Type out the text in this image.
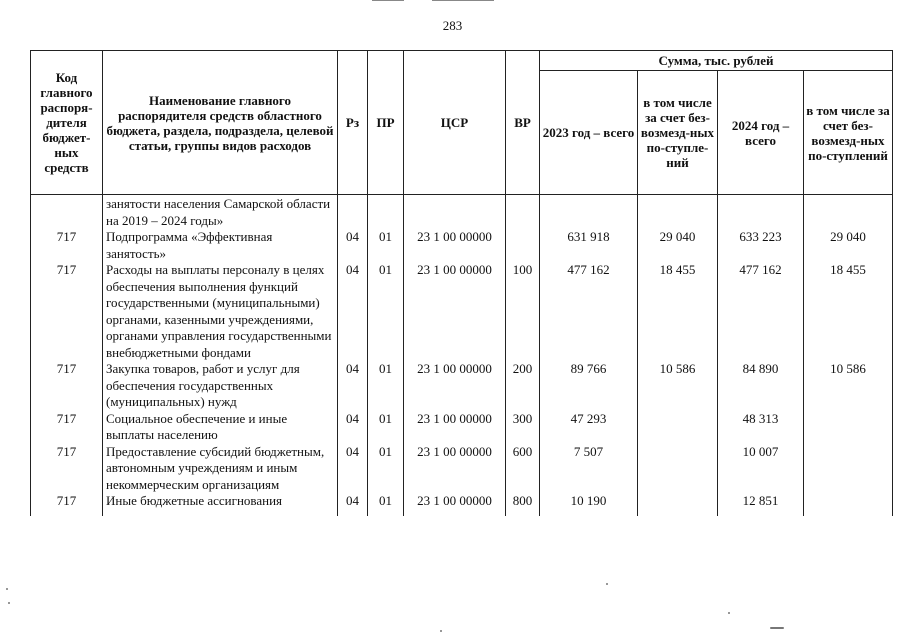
283
Код главного распоря-дителя бюджет-ных средств	Наименование главного распорядителя средств областного бюджета, раздела, подраздела, целевой статьи, группы видов расходов	Рз	ПР	ЦСР	ВР	Сумма, тыс. рублей			
						2023 год – всего	в том числе за счет без-возмезд-ных по-ступле-ний	2024 год – всего	в том числе за счет без-возмезд-ных по-ступлений
	занятости населения Самарской области на 2019 – 2024 годы»								
717	Подпрограмма «Эффективная занятость»	04	01	23 1 00 00000		631 918	29 040	633 223	29 040
717	Расходы на выплаты персоналу в целях обеспечения выполнения функций государственными (муниципальными) органами, казенными учреждениями, органами управления государственными внебюджетными фондами	04	01	23 1 00 00000	100	477 162	18 455	477 162	18 455
717	Закупка товаров, работ и услуг для обеспечения государственных (муниципальных) нужд	04	01	23 1 00 00000	200	89 766	10 586	84 890	10 586
717	Социальное обеспечение и иные выплаты населению	04	01	23 1 00 00000	300	47 293		48 313	
717	Предоставление субсидий бюджетным, автономным учреждениям и иным некоммерческим организациям	04	01	23 1 00 00000	600	7 507		10 007	
717	Иные бюджетные ассигнования	04	01	23 1 00 00000	800	10 190		12 851	
